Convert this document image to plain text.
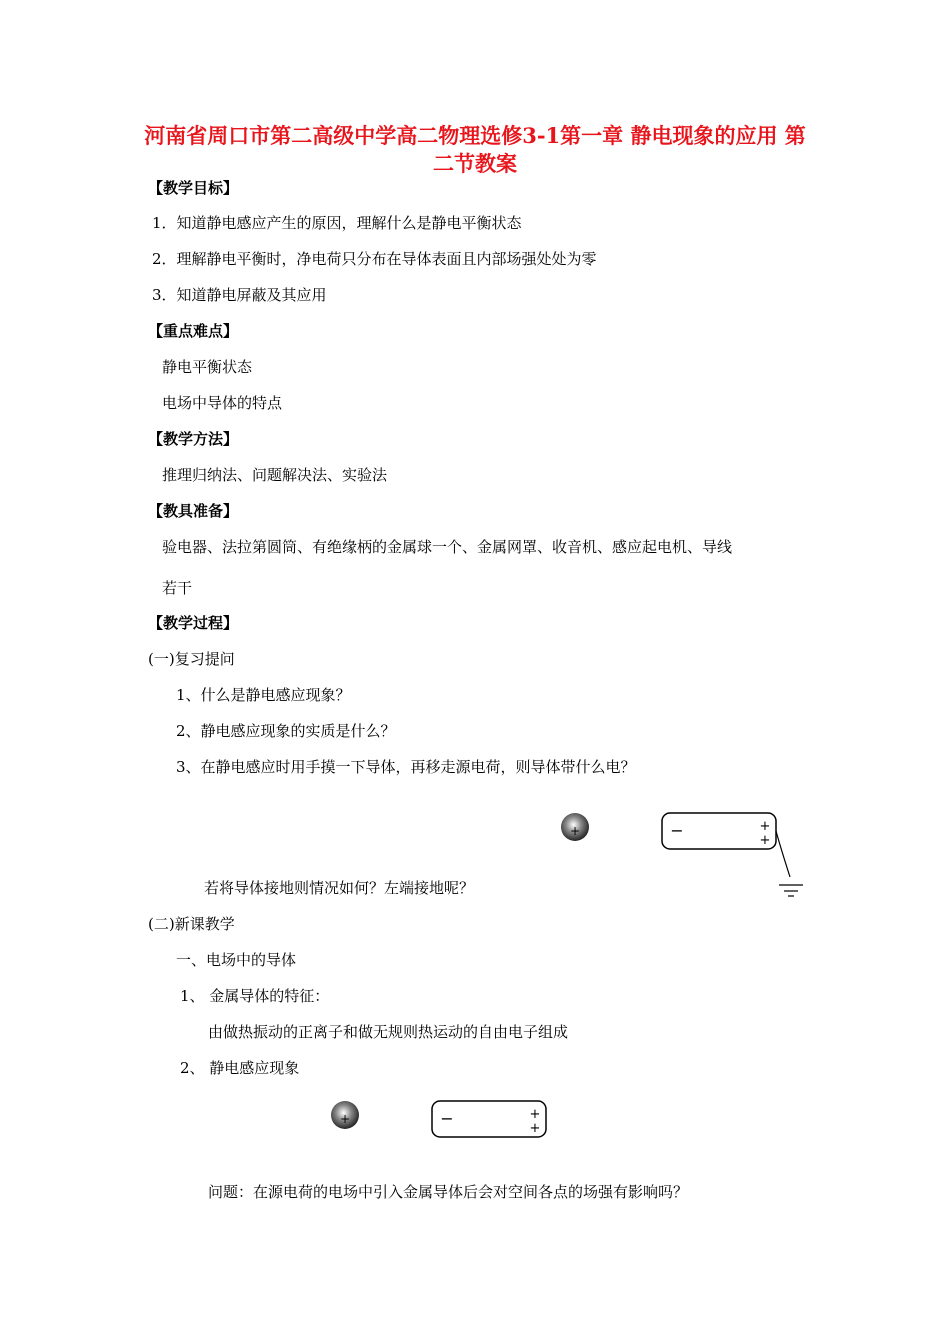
河南省周口市第二高级中学高二物理选修3-1第一章 静电现象的应用 第二节教案
【教学目标】
1．知道静电感应产生的原因，理解什么是静电平衡状态
2．理解静电平衡时，净电荷只分布在导体表面且内部场强处处为零
3．知道静电屏蔽及其应用
【重点难点】
静电平衡状态
电场中导体的特点
【教学方法】
推理归纳法、问题解决法、实验法
【教具准备】
验电器、法拉第圆筒、有绝缘柄的金属球一个、金属网罩、收音机、感应起电机、导线
若干
【教学过程】
(一)复习提问
1、什么是静电感应现象？
2、静电感应现象的实质是什么？
3、在静电感应时用手摸一下导体，再移走源电荷，则导体带什么电？
+	−	+
+
若将导体接地则情况如何？左端接地呢？
(二)新课教学
一、电场中的导体
1、 金属导体的特征：
由做热振动的正离子和做无规则热运动的自由电子组成
2、 静电感应现象
+	−	+
+
问题：在源电荷的电场中引入金属导体后会对空间各点的场强有影响吗？
